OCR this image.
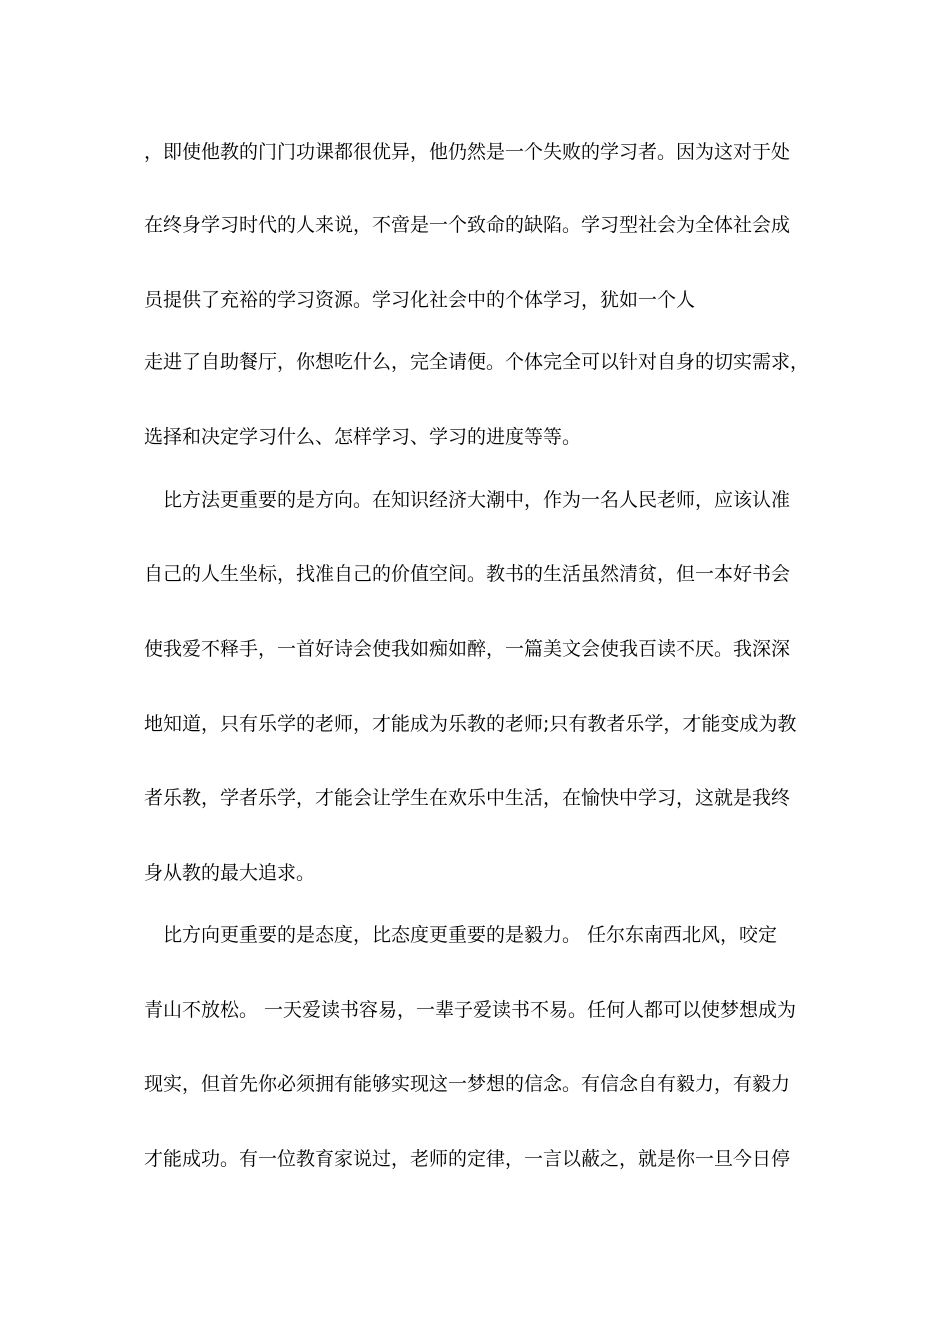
，即使他教的门门功课都很优异，他仍然是一个失败的学习者。因为这对于处
在终身学习时代的人来说，不啻是一个致命的缺陷。学习型社会为全体社会成
员提供了充裕的学习资源。学习化社会中的个体学习，犹如一个人
走进了自助餐厅，你想吃什么，完全请便。个体完全可以针对自身的切实需求，
选择和决定学习什么、怎样学习、学习的进度等等。
　比方法更重要的是方向。在知识经济大潮中，作为一名人民老师，应该认准
自己的人生坐标，找准自己的价值空间。教书的生活虽然清贫，但一本好书会
使我爱不释手，一首好诗会使我如痴如醉，一篇美文会使我百读不厌。我深深
地知道，只有乐学的老师，才能成为乐教的老师;只有教者乐学，才能变成为教
者乐教，学者乐学，才能会让学生在欢乐中生活，在愉快中学习，这就是我终
身从教的最大追求。
　比方向更重要的是态度，比态度更重要的是毅力。 任尔东南西北风，咬定
青山不放松。 一天爱读书容易，一辈子爱读书不易。任何人都可以使梦想成为
现实，但首先你必须拥有能够实现这一梦想的信念。有信念自有毅力，有毅力
才能成功。有一位教育家说过，老师的定律，一言以蔽之，就是你一旦今日停
